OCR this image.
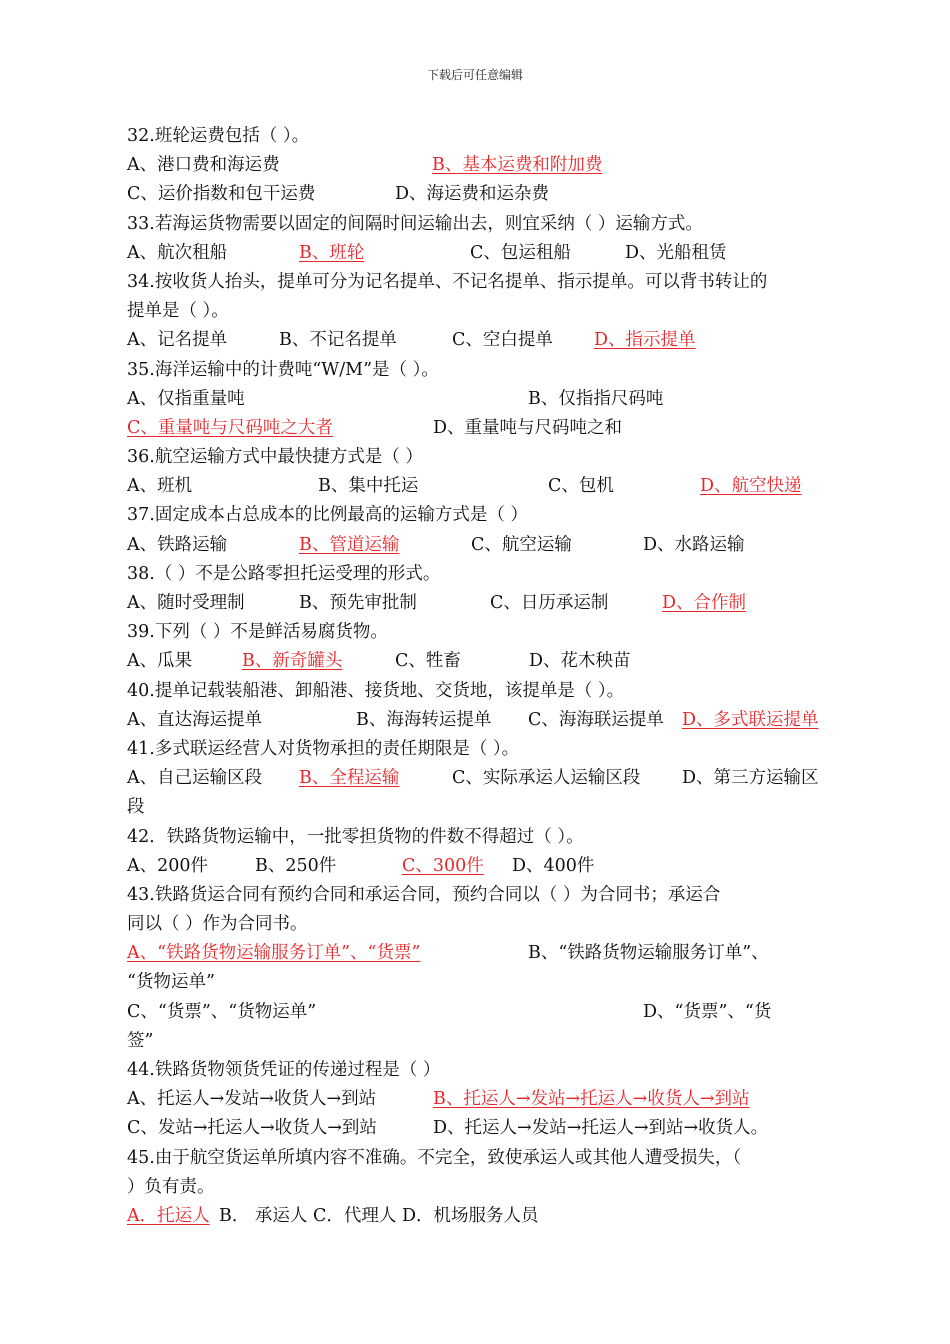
下载后可任意编辑
32.班轮运费包括（ ）。
A、港口费和海运费	B、基本运费和附加费
C、运价指数和包干运费	D、海运费和运杂费
33.若海运货物需要以固定的间隔时间运输出去，则宜采纳（ ）运输方式。
A、航次租船	B、班轮	C、包运租船	D、光船租赁
34.按收货人抬头，提单可分为记名提单、不记名提单、指示提单。可以背书转让的
提单是（ ）。
A、记名提单	B、不记名提单	C、空白提单 D、指示提单
35.海洋运输中的计费吨“W/M”是（ ）。
A、仅指重量吨	B、仅指指尺码吨
C、重量吨与尺码吨之大者	D、重量吨与尺码吨之和
36.航空运输方式中最快捷方式是（ ）
A、班机	B、集中托运	C、包机	D、航空快递
37.固定成本占总成本的比例最高的运输方式是（ ）
A、铁路运输	B、管道运输	C、航空运输	D、水路运输
38.（ ）不是公路零担托运受理的形式。
A、随时受理制	B、预先审批制	C、日历承运制	D、合作制
39.下列（ ）不是鲜活易腐货物。
A、瓜果	B、新奇罐头	C、牲畜	D、花木秧苗
40.提单记载装船港、卸船港、接货地、交货地，该提单是（ ）。
A、直达海运提单	B、海海转运提单 C、海海联运提单 D、多式联运提单
41.多式联运经营人对货物承担的责任期限是（ ）。
A、自己运输区段 B、全程运输	C、实际承运人运输区段 D、第三方运输区
段
42．铁路货物运输中，一批零担货物的件数不得超过（ ）。
A、200件	B、250件	C、300件 D、400件
43.铁路货运合同有预约合同和承运合同，预约合同以（ ）为合同书；承运合
同以（ ）作为合同书。
A、“铁路货物运输服务订单”、“货票”	B、“铁路货物运输服务订单”、
“货物运单”
C、“货票”、“货物运单”	D、“货票”、“货
签”
44.铁路货物领货凭证的传递过程是（ ）
A、托运人→发站→收货人→到站	B、托运人→发站→托运人→收货人→到站
C、发站→托运人→收货人→到站	D、托运人→发站→托运人→到站→收货人。
45.由于航空货运单所填内容不准确。不完全，致使承运人或其他人遭受损失，（
）负有责。
A．托运人 B． 承运人 C．代理人 D．机场服务人员
